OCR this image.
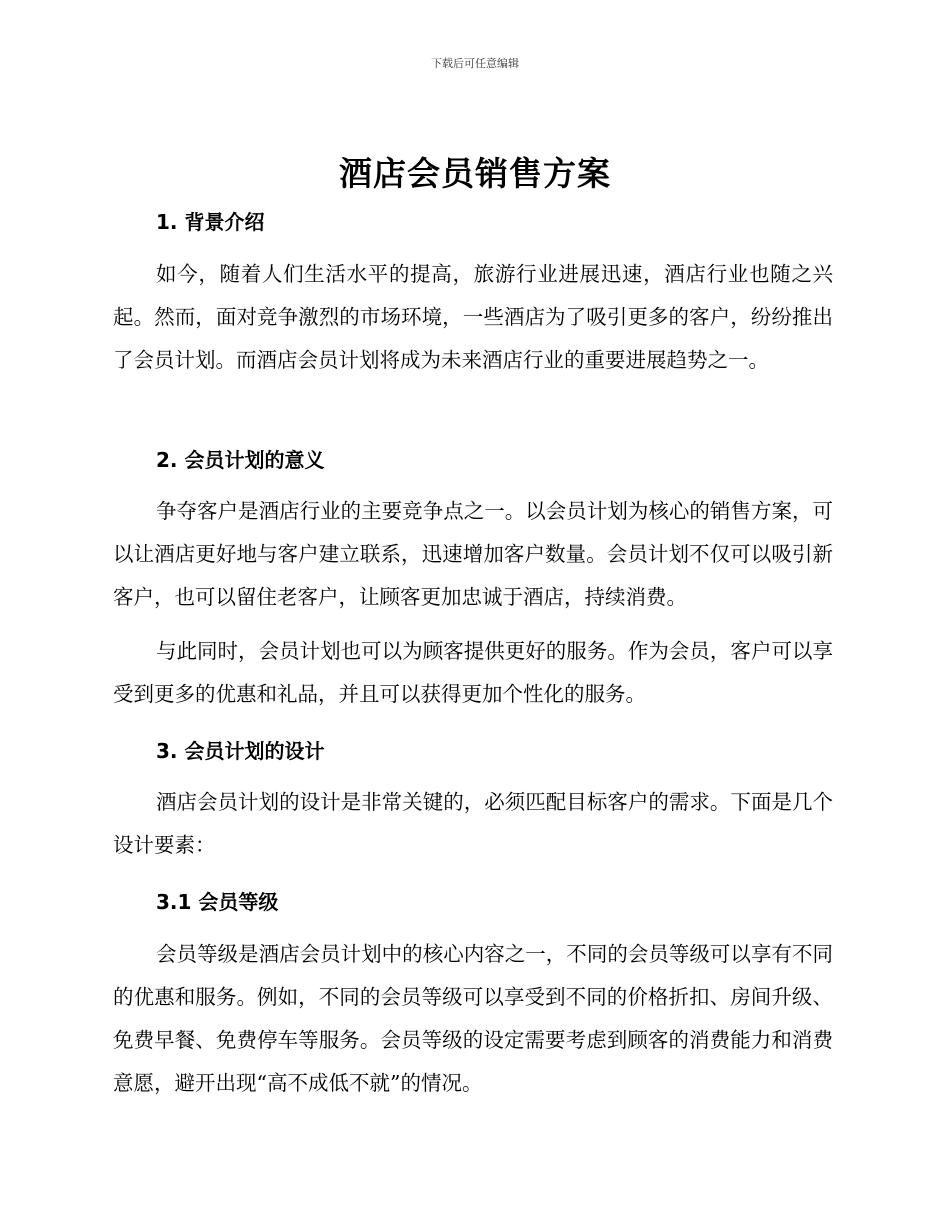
下载后可任意编辑
酒店会员销售方案
1. 背景介绍

如今，随着人们生活水平的提高，旅游行业进展迅速，酒店行业也随之兴起。然而，面对竞争激烈的市场环境，一些酒店为了吸引更多的客户，纷纷推出了会员计划。而酒店会员计划将成为未来酒店行业的重要进展趋势之一。

2. 会员计划的意义

争夺客户是酒店行业的主要竞争点之一。以会员计划为核心的销售方案，可以让酒店更好地与客户建立联系，迅速增加客户数量。会员计划不仅可以吸引新客户，也可以留住老客户，让顾客更加忠诚于酒店，持续消费。

与此同时，会员计划也可以为顾客提供更好的服务。作为会员，客户可以享受到更多的优惠和礼品，并且可以获得更加个性化的服务。

3. 会员计划的设计

酒店会员计划的设计是非常关键的，必须匹配目标客户的需求。下面是几个设计要素：

3.1 会员等级

会员等级是酒店会员计划中的核心内容之一，不同的会员等级可以享有不同的优惠和服务。例如，不同的会员等级可以享受到不同的价格折扣、房间升级、免费早餐、免费停车等服务。会员等级的设定需要考虑到顾客的消费能力和消费意愿，避开出现“高不成低不就”的情况。
